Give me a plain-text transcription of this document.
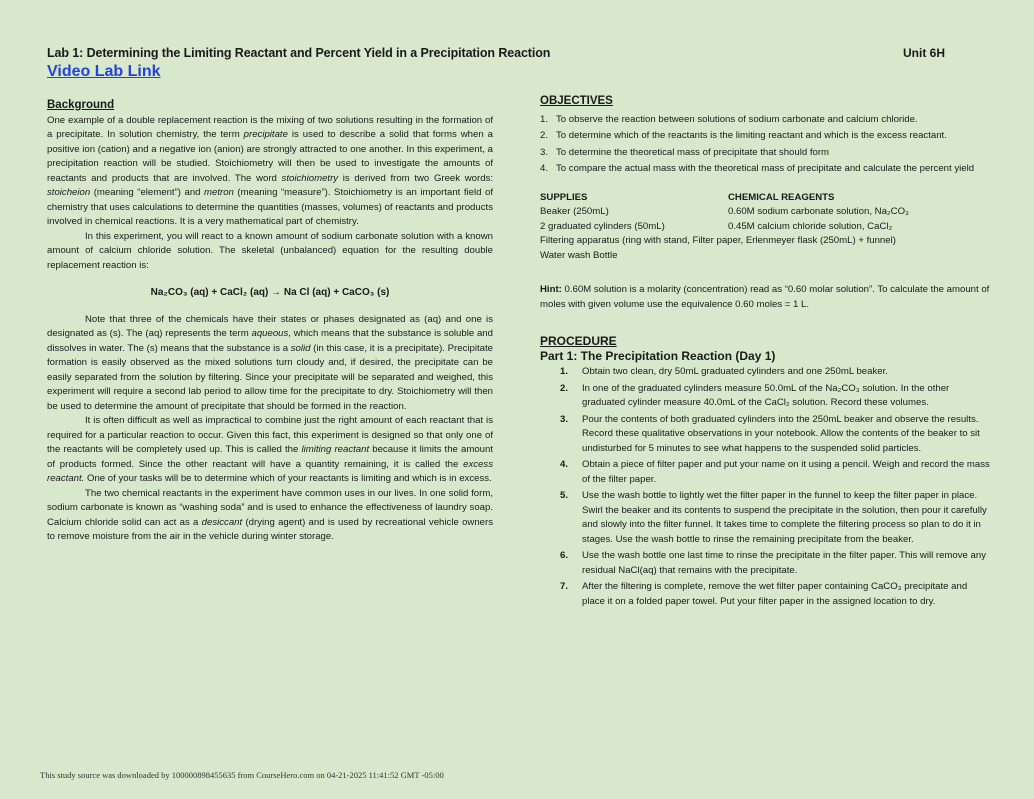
Lab 1: Determining the Limiting Reactant and Percent Yield in a Precipitation Reaction	Unit 6H
Video Lab Link
Background

One example of a double replacement reaction is the mixing of two solutions resulting in the formation of a precipitate. In solution chemistry, the term precipitate is used to describe a solid that forms when a positive ion (cation) and a negative ion (anion) are strongly attracted to one another. In this experiment, a precipitation reaction will be studied. Stoichiometry will then be used to investigate the amounts of reactants and products that are involved. The word stoichiometry is derived from two Greek words: stoicheion (meaning “element”) and metron (meaning “measure”). Stoichiometry is an important field of chemistry that uses calculations to determine the quantities (masses, volumes) of reactants and products involved in chemical reactions. It is a very mathematical part of chemistry.

In this experiment, you will react to a known amount of sodium carbonate solution with a known amount of calcium chloride solution. The skeletal (unbalanced) equation for the resulting double replacement reaction is:

Na₂CO₃ (aq) + CaCl₂ (aq) → Na Cl (aq) + CaCO₃ (s)

Note that three of the chemicals have their states or phases designated as (aq) and one is designated as (s). The (aq) represents the term aqueous, which means that the substance is soluble and dissolves in water. The (s) means that the substance is a solid (in this case, it is a precipitate). Precipitate formation is easily observed as the mixed solutions turn cloudy and, if desired, the precipitate can be easily separated from the solution by filtering. Since your precipitate will be separated and weighed, this experiment will require a second lab period to allow time for the precipitate to dry. Stoichiometry will then be used to determine the amount of precipitate that should be formed in the reaction.

It is often difficult as well as impractical to combine just the right amount of each reactant that is required for a particular reaction to occur. Given this fact, this experiment is designed so that only one of the reactants will be completely used up. This is called the limiting reactant because it limits the amount of products formed. Since the other reactant will have a quantity remaining, it is called the excess reactant. One of your tasks will be to determine which of your reactants is limiting and which is in excess.

The two chemical reactants in the experiment have common uses in our lives. In one solid form, sodium carbonate is known as “washing soda” and is used to enhance the effectiveness of laundry soap. Calcium chloride solid can act as a desiccant (drying agent) and is used by recreational vehicle owners to remove moisture from the air in the vehicle during winter storage.

OBJECTIVES
1. To observe the reaction between solutions of sodium carbonate and calcium chloride.
2. To determine which of the reactants is the limiting reactant and which is the excess reactant.
3. To determine the theoretical mass of precipitate that should form
4. To compare the actual mass with the theoretical mass of precipitate and calculate the percent yield
SUPPLIES	CHEMICAL REAGENTS
Beaker (250mL)	0.60M sodium carbonate solution, Na₂CO₃
2 graduated cylinders (50mL)	0.45M calcium chloride solution, CaCl₂
Filtering apparatus (ring with stand, Filter paper, Erlenmeyer flask (250mL) + funnel)
Water wash Bottle
Hint: 0.60M solution is a molarity (concentration) read as “0.60 molar solution”. To calculate the amount of moles with given volume use the equivalence 0.60 moles = 1 L.
PROCEDURE
Part 1: The Precipitation Reaction (Day 1)
1. Obtain two clean, dry 50mL graduated cylinders and one 250mL beaker.
2. In one of the graduated cylinders measure 50.0mL of the Na₂CO₃ solution. In the other graduated cylinder measure 40.0mL of the CaCl₂ solution. Record these volumes.
3. Pour the contents of both graduated cylinders into the 250mL beaker and observe the results. Record these qualitative observations in your notebook. Allow the contents of the beaker to sit undisturbed for 5 minutes to see what happens to the suspended solid particles.
4. Obtain a piece of filter paper and put your name on it using a pencil. Weigh and record the mass of the filter paper.
5. Use the wash bottle to lightly wet the filter paper in the funnel to keep the filter paper in place. Swirl the beaker and its contents to suspend the precipitate in the solution, then pour it carefully and slowly into the filter funnel. It takes time to complete the filtering process so plan to do it in stages. Use the wash bottle to rinse the remaining precipitate from the beaker.
6. Use the wash bottle one last time to rinse the precipitate in the filter paper. This will remove any residual NaCl(aq) that remains with the precipitate.
7. After the filtering is complete, remove the wet filter paper containing CaCO₃ precipitate and place it on a folded paper towel. Put your filter paper in the assigned location to dry.
This study source was downloaded by 100000898455635 from CourseHero.com on 04-21-2025 11:41:52 GMT -05:00
